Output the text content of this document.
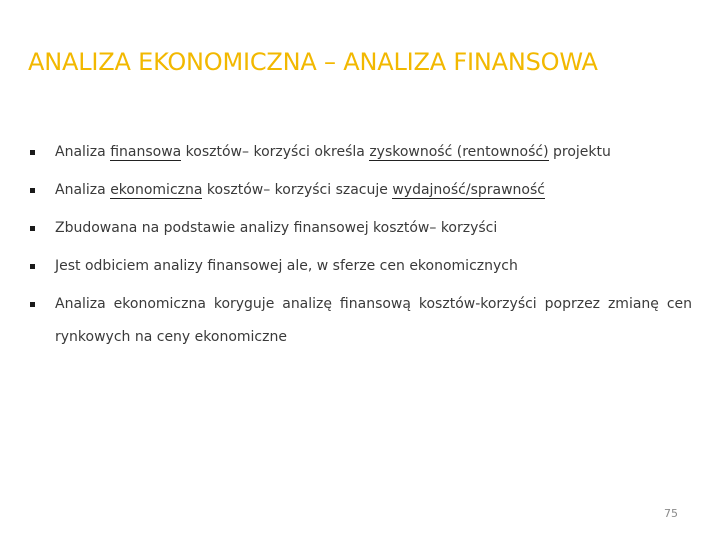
ANALIZA EKONOMICZNA – ANALIZA FINANSOWA
Analiza finansowa kosztów– korzyści określa zyskowność (rentowność) projektu
Analiza ekonomiczna kosztów– korzyści szacuje wydajność/sprawność
Zbudowana na podstawie analizy finansowej kosztów– korzyści
Jest odbiciem analizy finansowej ale, w sferze cen ekonomicznych
Analiza ekonomiczna koryguje analizę finansową kosztów-korzyści poprzez zmianę cen rynkowych na ceny ekonomiczne
75
